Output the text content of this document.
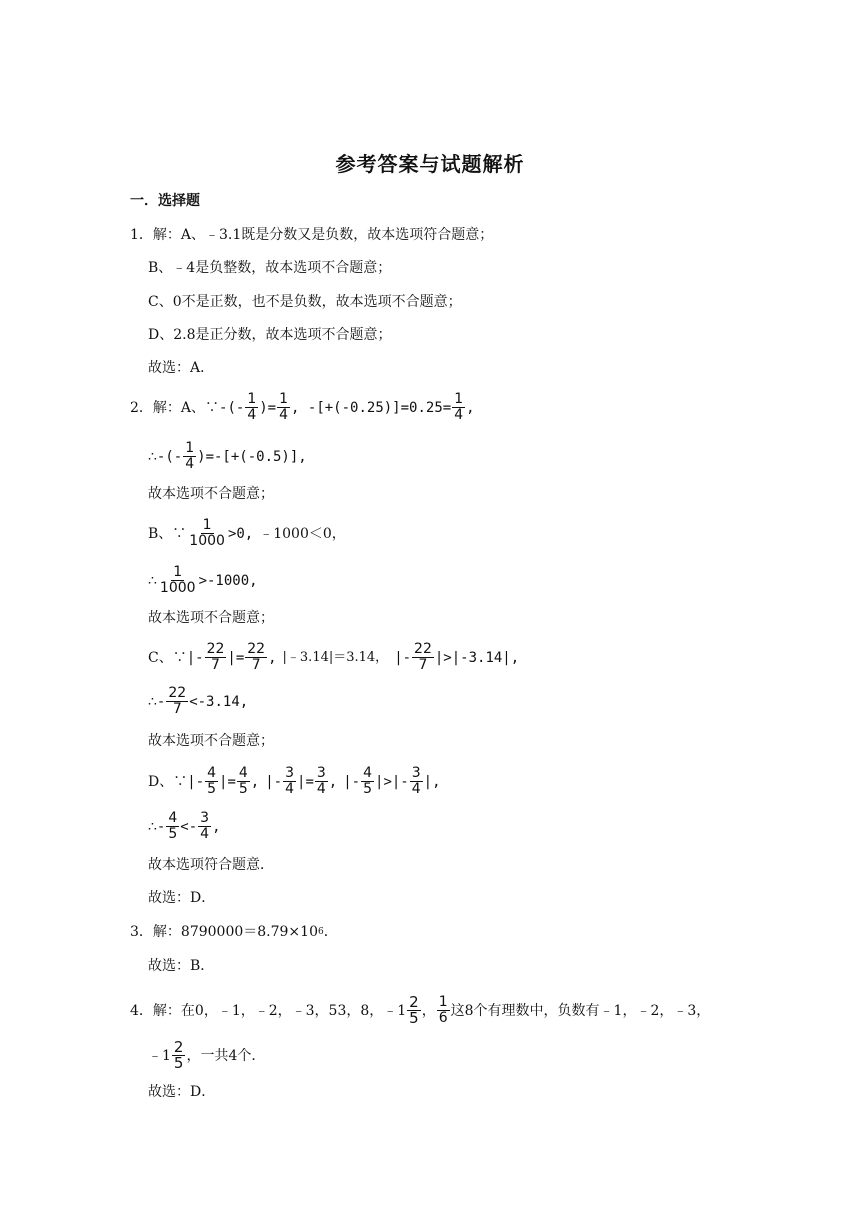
参考答案与试题解析
一．选择题
1．解：A、﹣3.1既是分数又是负数，故本选项符合题意；
B、﹣4是负整数，故本选项不合题意；
C、0不是正数，也不是负数，故本选项不合题意；
D、2.8是正分数，故本选项不合题意；
故选：A．
2．解：A、∵ -(- $\frac{1}{4}$ )= $\frac{1}{4}$ , $-[+(-0.25)]=0.25= \frac{1}{4}$ ,
∴ -(- $\frac{1}{4} )=-[+(-0.5)]$,
故本选项不合题意；
B、∵ $\frac{1}{1000} >0$, ﹣1000＜0，
∴ $\frac{1}{1000} >-1000$,
故本选项不合题意；
C、∵ |- $\frac{22}{7}$ |= $\frac{22}{7}$ , |﹣3.14|＝3.14， |- $\frac{22}{7} |>|-3.14|$,
∴ - $\frac{22}{7} <-3.14$,
故本选项不合题意；
D、∵ |- $\frac{4}{5}$ |= $\frac{4}{5}$ , |- $\frac{3}{4}$ |= $\frac{3}{4}$ , |- $\frac{4}{5}$ |>|- $\frac{3}{4}$ |,
∴ - $\frac{4}{5} <- \frac{3}{4}$ ,
故本选项符合题意．
故选：D．
3．解：8790000＝8.79×10 6 ．
故选：B．
4．解：在0，﹣1，﹣2，﹣3，53，8，﹣1 $\frac{2}{5}$ ， $\frac{1}{6}$ 这8个有理数中，负数有﹣1，﹣2，﹣3，
﹣1 $\frac{2}{5}$ ，一共4个．
故选：D．
